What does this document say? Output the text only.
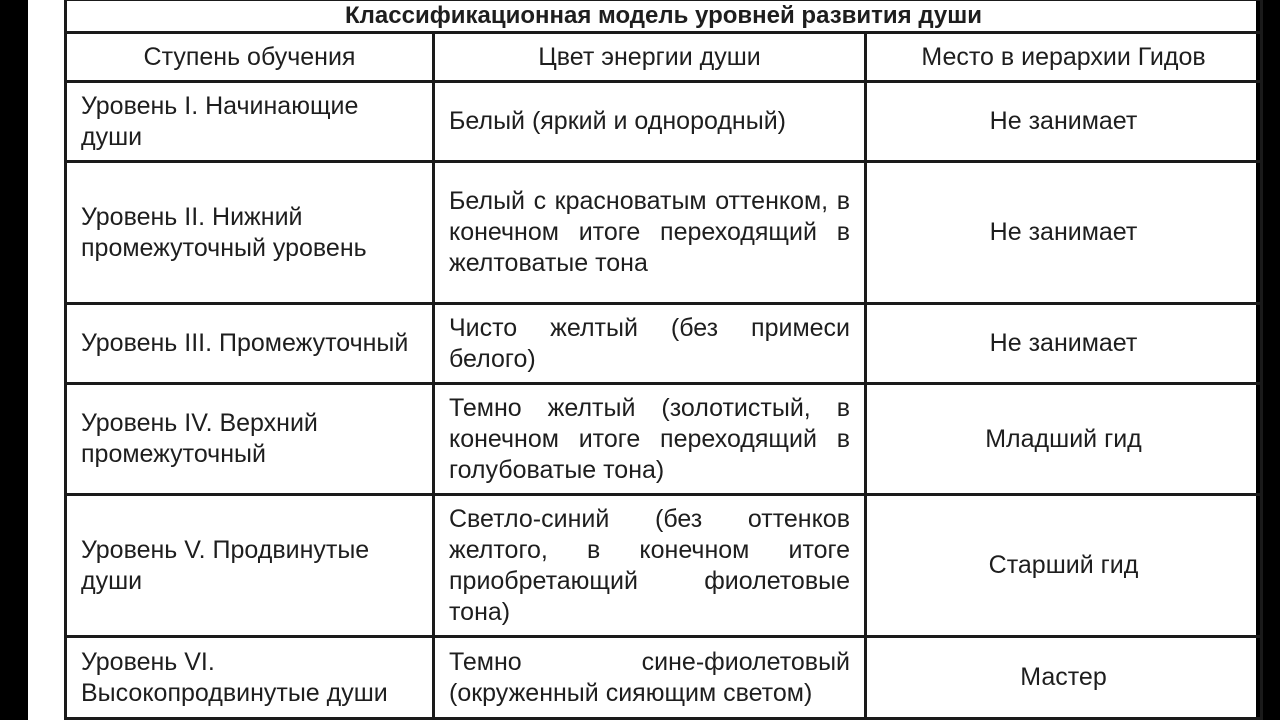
Классификационная модель уровней развития души		
Ступень обучения	Цвет энергии души	Место в иерархии Гидов
Уровень I. Начинающие души	Белый (яркий и однородный)	Не занимает
Уровень II. Нижний промежуточный уровень	Белый с красноватым оттенком, в конечном итоге переходящий в желтоватые тона	Не занимает
Уровень III. Промежуточный	Чисто желтый (без примеси белого)	Не занимает
Уровень IV. Верхний промежуточный	Темно желтый (золотистый, в конечном итоге переходящий в голубоватые тона)	Младший гид
Уровень V. Продвинутые души	Светло-синий (без оттенков желтого, в конечном итоге приобретающий фиолетовые тона)	Старший гид
Уровень VI. Высокопродвинутые души	Темно сине-фиолетовый (окруженный сияющим светом)	Мастер
